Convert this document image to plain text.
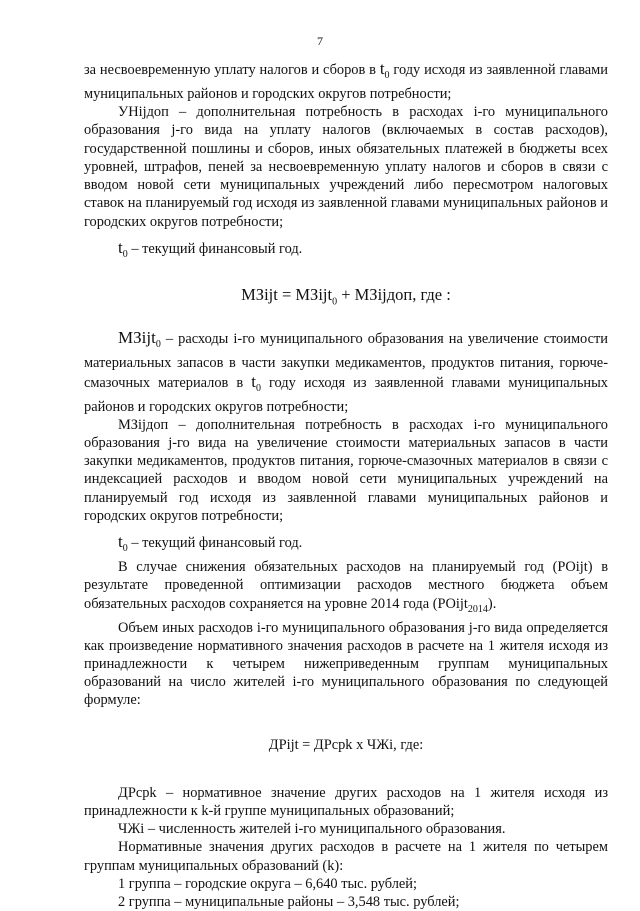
7

за несвоевременную уплату налогов и сборов в $t_0$ году исходя из заявленной главами муниципальных районов и городских округов потребности;

УНijдоп – дополнительная потребность в расходах i-го муниципального образования j-го вида на уплату налогов (включаемых в состав расходов), государственной пошлины и сборов, иных обязательных платежей в бюджеты всех уровней, штрафов, пеней за несвоевременную уплату налогов и сборов в связи с вводом новой сети муниципальных учреждений либо пересмотром налоговых ставок на планируемый год исходя из заявленной главами муниципальных районов и городских округов потребности;

$t_0$ – текущий финансовый год.

МЗijt = МЗijt$_0$ + МЗijдоп, где :

МЗijt$_0$ – расходы i-го муниципального образования на увеличение стоимости материальных запасов в части закупки медикаментов, продуктов питания, горюче-смазочных материалов в $t_0$ году исходя из заявленной главами муниципальных районов и городских округов потребности;

МЗijдоп – дополнительная потребность в расходах i-го муниципального образования j-го вида на увеличение стоимости материальных запасов в части закупки медикаментов, продуктов питания, горюче-смазочных материалов в связи с индексацией расходов и вводом новой сети муниципальных учреждений на планируемый год исходя из заявленной главами муниципальных районов и городских округов потребности;

$t_0$ – текущий финансовый год.

В случае снижения обязательных расходов на планируемый год (POijt) в результате проведенной оптимизации расходов местного бюджета объем обязательных расходов сохраняется на уровне 2014 года (POijt$_{2014}$).

Объем иных расходов i-го муниципального образования j-го вида определяется как произведение нормативного значения расходов в расчете на 1 жителя исходя из принадлежности к четырем нижеприведенным группам муниципальных образований на число жителей i-го муниципального образования по следующей формуле:

ДРijt = ДРcpk x ЧЖi, где:

ДРcpk – нормативное значение других расходов на 1 жителя исходя из принадлежности к k-й группе муниципальных образований;

ЧЖi – численность жителей i-го муниципального образования.

Нормативные значения других расходов в расчете на 1 жителя по четырем группам муниципальных образований (k):

1 группа – городские округа – 6,640 тыс. рублей;

2 группа – муниципальные районы – 3,548 тыс. рублей;
